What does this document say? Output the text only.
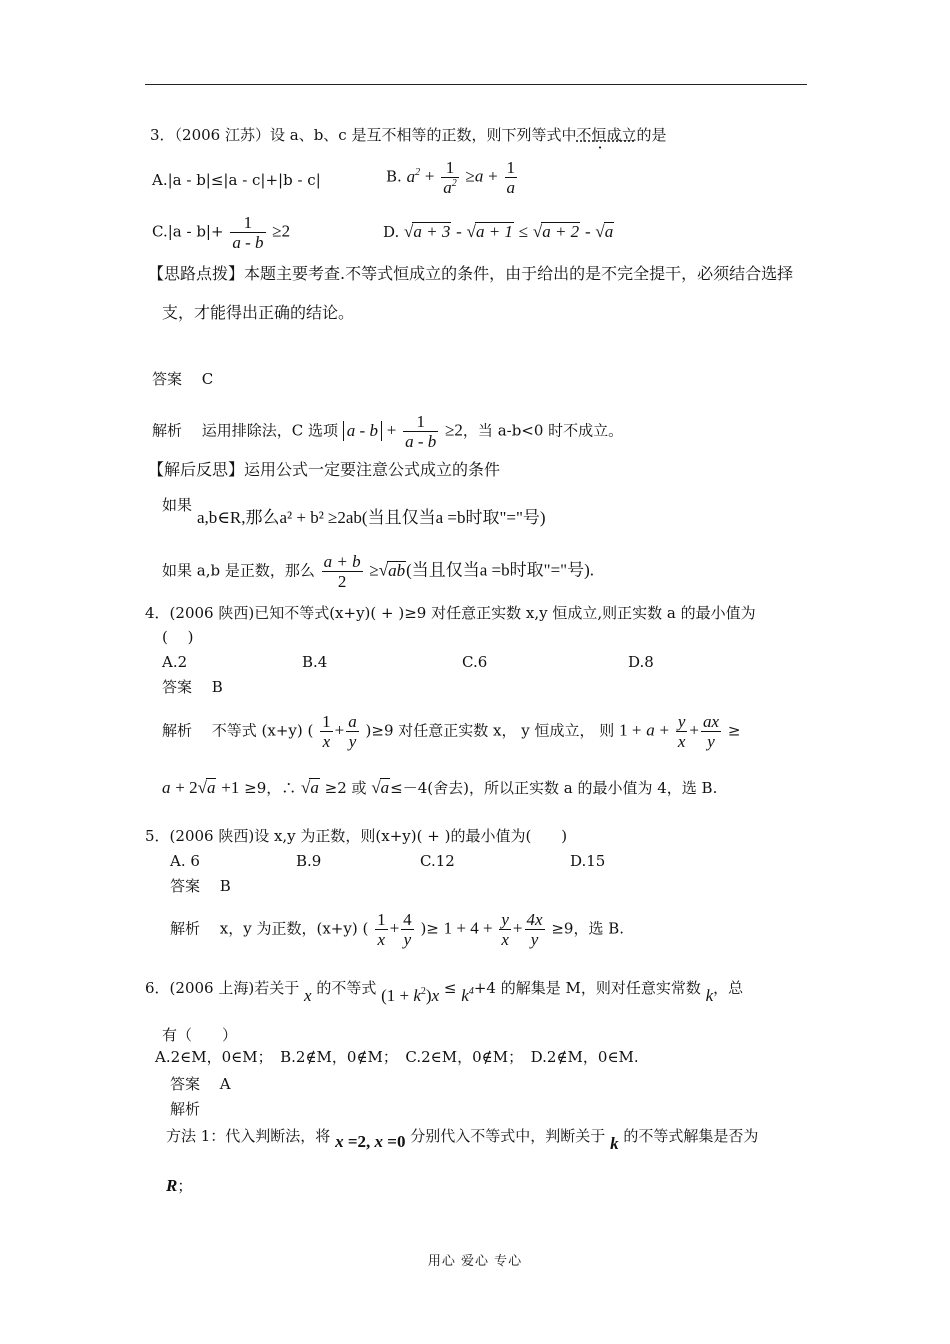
3．（2006 江苏）设 a、b、c 是互不相等的正数，则下列等式中不恒成立的是
A.|a - b|≤|a - c|+|b - c|	B. $a^2 + \frac{1}{a^2} \ge a + \frac{1}{a}$
$C.|a - b|+ \frac{1}{a - b} \ge 2$	D. √a + 3 - √a + 1 ≤ √a + 2 - √a
【思路点拨】本题主要考查.不等式恒成立的条件，由于给出的是不完全提干，必须结合选择
支，才能得出正确的结论。
答案　 C
解析　 运用排除法，C 选项 $a - b + \frac{1}{a - b} \ge 2$，当 a-b<0 时不成立。
【解后反思】运用公式一定要注意公式成立的条件
如果
a,b∈R,那么a² + b² ≥2ab(当且仅当a =b时取"="号)
如果 a,b 是正数，那么 $\frac{a + b}{2} \ge√ab$(当且仅当a =b时取"="号).
4．(2006 陕西)已知不等式(x+y)( + )≥9 对任意正实数 x,y 恒成立,则正实数 a 的最小值为
(　 )
A.2	B.4	C.6	D.8
答案　 B
解析　 不等式 (x+y) ( $\frac{1}{x} + \frac{a}{y} )\ge 9$ 对任意正实数 x， y 恒成立， 则 $1 + a + \frac{y}{x} + \frac{ax}{y}$ ≥
a + 2√a +1 ≥9，∴ √a ≥2 或 √a≤－4(舍去)，所以正实数 a 的最小值为 4，选 B.
5．(2006 陕西)设 x,y 为正数，则(x+y)( + )的最小值为(　　)
A. 6	B.9	C.12	D.15
答案　 B
解析　 x，y 为正数，(x+y) ( $\frac{1}{x} + \frac{4}{y}$ )≥ $1 + 4 + \frac{y}{x} + \frac{4x}{y} \ge 9$，选 B.
6．(2006 上海)若关于 x 的不等式 $(1 + k^2)x \le k^4+4$ 的解集是 M，则对任意实常数 k，总
有（　　）
A.2∈M，0∈M；　B.2∉M，0∉M；　C.2∈M，0∉M；　D.2∉M，0∈M.
答案　 A
解析
方法 1：代入判断法，将 x =2, x =0 分别代入不等式中，判断关于 k 的不等式解集是否为
R；
用心 爱心 专心
